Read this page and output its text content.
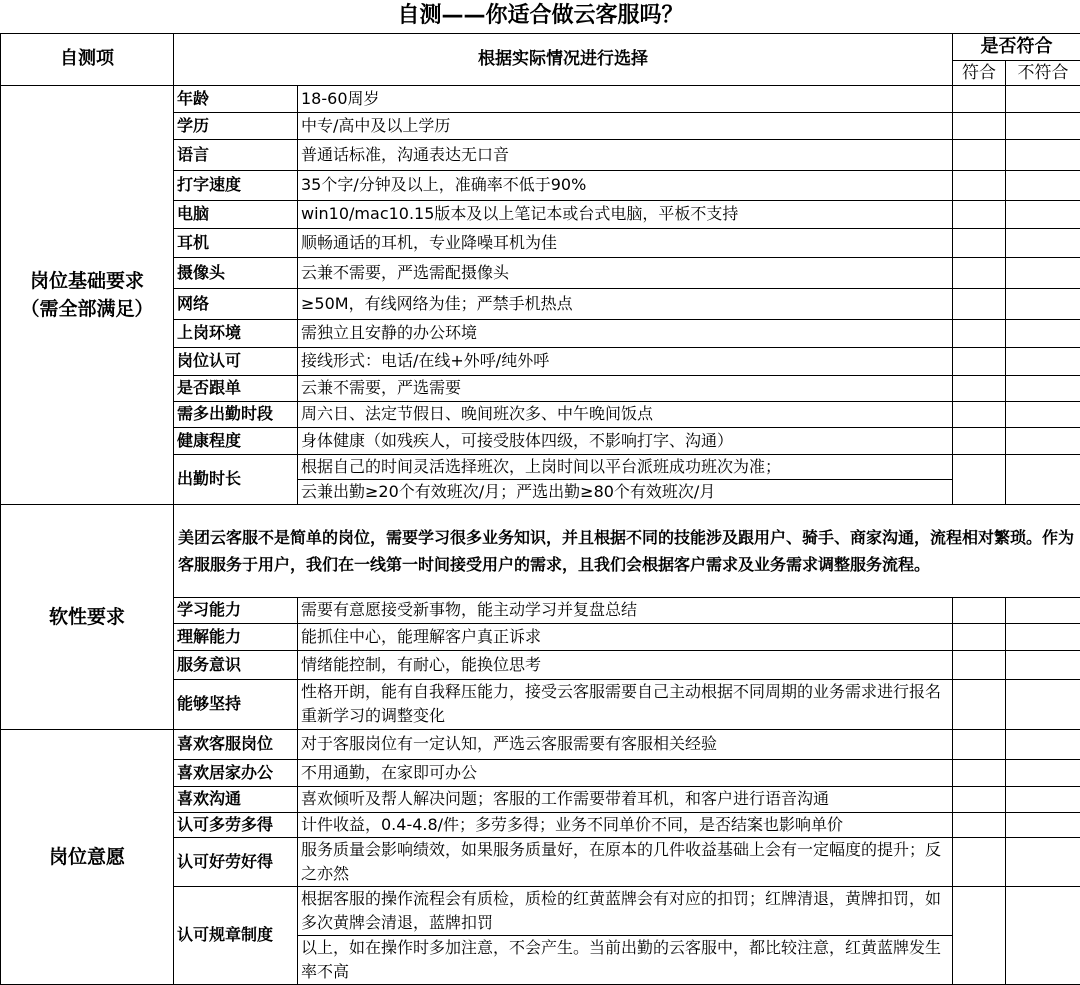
自测——你适合做云客服吗？				
自测项	根据实际情况进行选择		是否符合	
			符合	不符合

岗位基础要求
（需全部满足）	年龄	18-60周岁		
	学历	中专/高中及以上学历		
	语言	普通话标准，沟通表达无口音		
	打字速度	35个字/分钟及以上，准确率不低于90%		
	电脑	win10/mac10.15版本及以上笔记本或台式电脑，平板不支持		
	耳机	顺畅通话的耳机，专业降噪耳机为佳		
	摄像头	云兼不需要，严选需配摄像头		
	网络	≥50M，有线网络为佳；严禁手机热点		
	上岗环境	需独立且安静的办公环境		
	岗位认可	接线形式：电话/在线+外呼/纯外呼		
	是否跟单	云兼不需要，严选需要		
	需多出勤时段	周六日、法定节假日、晚间班次多、中午晚间饭点		
	健康程度	身体健康（如残疾人，可接受肢体四级，不影响打字、沟通）		
	出勤时长	根据自己的时间灵活选择班次，上岗时间以平台派班成功班次为准；		
		云兼出勤≥20个有效班次/月；严选出勤≥80个有效班次/月		
软性要求	美团云客服不是简单的岗位，需要学习很多业务知识，并且根据不同的技能涉及跟用户、骑手、商家沟通，流程相对繁琐。作为客服服务于用户，我们在一线第一时间接受用户的需求，且我们会根据客户需求及业务需求调整服务流程。			
	学习能力	需要有意愿接受新事物，能主动学习并复盘总结		
	理解能力	能抓住中心，能理解客户真正诉求		
	服务意识	情绪能控制，有耐心，能换位思考		
	能够坚持	性格开朗，能有自我释压能力，接受云客服需要自己主动根据不同周期的业务需求进行报名重新学习的调整变化		
岗位意愿	喜欢客服岗位	对于客服岗位有一定认知，严选云客服需要有客服相关经验		
	喜欢居家办公	不用通勤，在家即可办公		
	喜欢沟通	喜欢倾听及帮人解决问题；客服的工作需要带着耳机，和客户进行语音沟通		
	认可多劳多得	计件收益，0.4-4.8/件；多劳多得；业务不同单价不同，是否结案也影响单价		
	认可好劳好得	服务质量会影响绩效，如果服务质量好，在原本的几件收益基础上会有一定幅度的提升；反之亦然		
	认可规章制度	根据客服的操作流程会有质检，质检的红黄蓝牌会有对应的扣罚；红牌清退，黄牌扣罚，如多次黄牌会清退，蓝牌扣罚		
		以上，如在操作时多加注意，不会产生。当前出勤的云客服中，都比较注意，红黄蓝牌发生率不高		
